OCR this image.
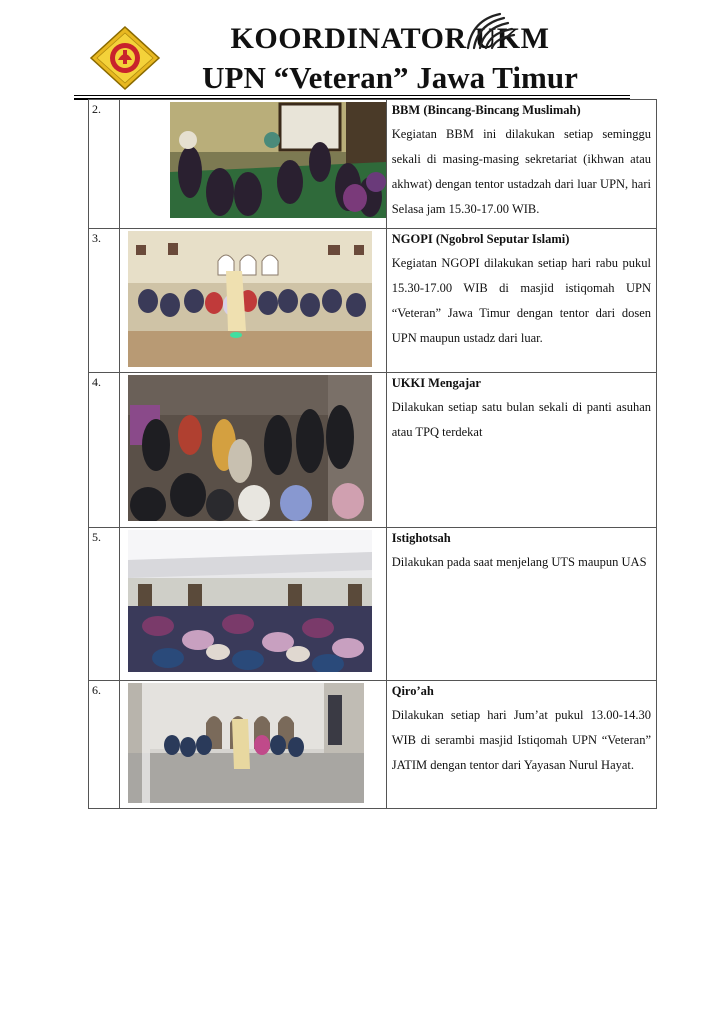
KOORDINATOR UKM
UPN “Veteran” Jawa Timur
2.		BBM (Bincang-Bincang Muslimah)
Kegiatan BBM ini dilakukan setiap seminggu sekali di masing-masing sekretariat (ikhwan atau akhwat) dengan tentor ustadzah dari luar UPN, hari Selasa jam 15.30-17.00 WIB.

3.		NGOPI (Ngobrol Seputar Islami)
Kegiatan NGOPI dilakukan setiap hari rabu pukul 15.30-17.00 WIB di masjid istiqomah UPN “Veteran” Jawa Timur dengan tentor dari dosen UPN maupun ustadz dari luar.

4.		UKKI Mengajar
Dilakukan setiap satu bulan sekali di panti asuhan atau TPQ terdekat

5.		Istighotsah
Dilakukan pada saat menjelang UTS maupun UAS

6.		Qiro’ah
Dilakukan setiap hari Jum’at pukul 13.00-14.30 WIB di serambi masjid Istiqomah UPN “Veteran” JATIM dengan tentor dari Yayasan Nurul Hayat.
